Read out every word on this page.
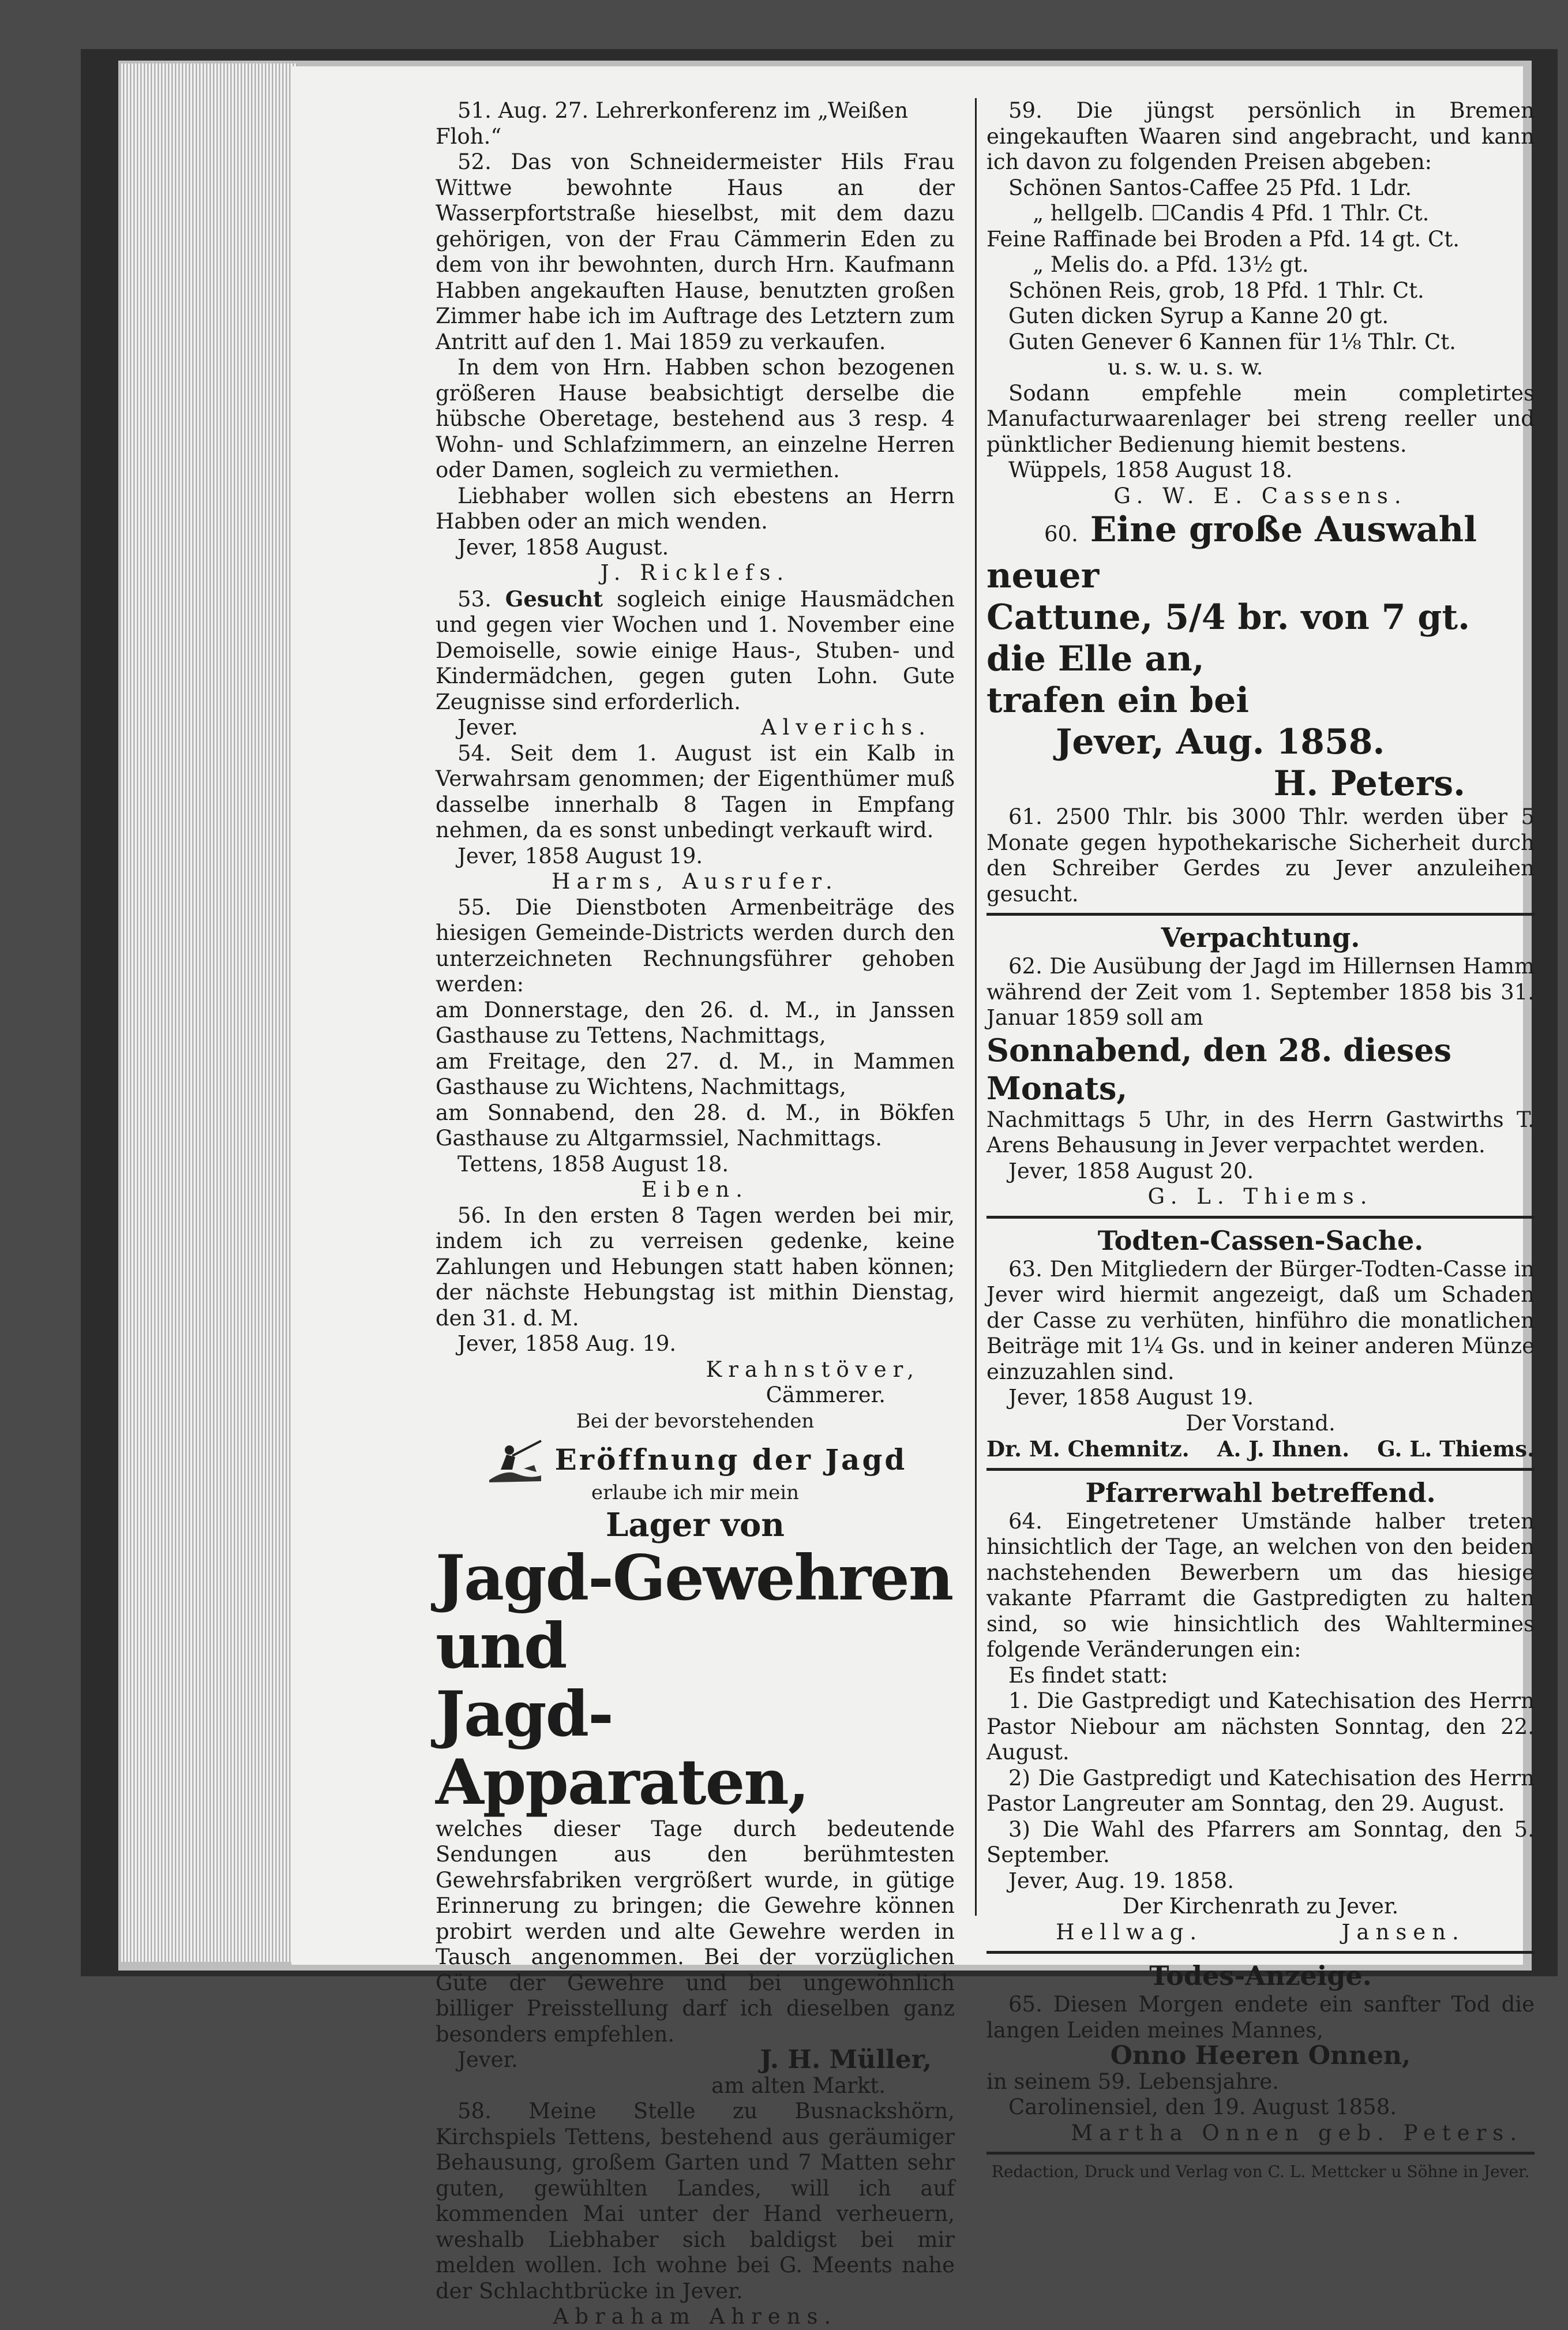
51. Aug. 27. Lehrerkonferenz im „Weißen Floh.“

52. Das von Schneidermeister Hils Frau Wittwe bewohnte Haus an der Wasserpfortstraße hieselbst, mit dem dazu gehörigen, von der Frau Cämmerin Eden zu dem von ihr bewohnten, durch Hrn. Kaufmann Habben angekauften Hause, benutzten großen Zimmer habe ich im Auftrage des Letztern zum Antritt auf den 1. Mai 1859 zu verkaufen.

In dem von Hrn. Habben schon bezogenen größeren Hause beabsichtigt derselbe die hübsche Oberetage, bestehend aus 3 resp. 4 Wohn- und Schlafzimmern, an einzelne Herren oder Damen, sogleich zu vermiethen.

Liebhaber wollen sich ebestens an Herrn Habben oder an mich wenden.

Jever, 1858 August.

J. Ricklefs.

53. Gesucht sogleich einige Hausmädchen und gegen vier Wochen und 1. November eine Demoiselle, sowie einige Haus-, Stuben- und Kindermädchen, gegen guten Lohn. Gute Zeugnisse sind erforderlich.

Jever.	Alverichs.

54. Seit dem 1. August ist ein Kalb in Verwahrsam genommen; der Eigenthümer muß dasselbe innerhalb 8 Tagen in Empfang nehmen, da es sonst unbedingt verkauft wird.

Jever, 1858 August 19.

Harms, Ausrufer.

55. Die Dienstboten Armenbeiträge des hiesigen Gemeinde-Districts werden durch den unterzeichneten Rechnungsführer gehoben werden:

am Donnerstage, den 26. d. M., in Janssen Gasthause zu Tettens, Nachmittags,

am Freitage, den 27. d. M., in Mammen Gasthause zu Wichtens, Nachmittags,

am Sonnabend, den 28. d. M., in Bökfen Gasthause zu Altgarmssiel, Nachmittags.

Tettens, 1858 August 18.

Eiben.

56. In den ersten 8 Tagen werden bei mir, indem ich zu verreisen gedenke, keine Zahlungen und Hebungen statt haben können; der nächste Hebungstag ist mithin Dienstag, den 31. d. M.

Jever, 1858 Aug. 19.

Krahnstöver,

Cämmerer.

Bei der bevorstehenden

Eröffnung der Jagd

erlaube ich mir mein

Lager von

Jagd-Gewehren und

Jagd-Apparaten,

welches dieser Tage durch bedeutende Sendungen aus den berühmtesten Gewehrsfabriken vergrößert wurde, in gütige Erinnerung zu bringen; die Gewehre können probirt werden und alte Gewehre werden in Tausch angenommen. Bei der vorzüglichen Güte der Gewehre und bei ungewöhnlich billiger Preisstellung darf ich dieselben ganz besonders empfehlen.

Jever.	J. H. Müller,

am alten Markt.

58. Meine Stelle zu Busnackshörn, Kirchspiels Tettens, bestehend aus geräumiger Behausung, großem Garten und 7 Matten sehr guten, gewühlten Landes, will ich auf kommenden Mai unter der Hand verheuern, weshalb Liebhaber sich baldigst bei mir melden wollen. Ich wohne bei G. Meents nahe der Schlachtbrücke in Jever.

Abraham Ahrens.

59. Die jüngst persönlich in Bremen eingekauften Waaren sind angebracht, und kann ich davon zu folgenden Preisen abgeben:

Schönen Santos-Caffee 25 Pfd. 1 Ldr.

„ hellgelb. ☐Candis 4 Pfd. 1 Thlr. Ct.

Feine Raffinade bei Broden a Pfd. 14 gt. Ct.

„ Melis do. a Pfd. 13½ gt.

Schönen Reis, grob, 18 Pfd. 1 Thlr. Ct.

Guten dicken Syrup a Kanne 20 gt.

Guten Genever 6 Kannen für 1⅛ Thlr. Ct.

u. s. w. u. s. w.

Sodann empfehle mein completirtes Manufacturwaarenlager bei streng reeller und pünktlicher Bedienung hiemit bestens.

Wüppels, 1858 August 18.

G. W. E. Cassens.

60. Eine große Auswahl neuer

Cattune, 5/4 br. von 7 gt. die Elle an,

trafen ein bei

Jever, Aug. 1858.

H. Peters.

61. 2500 Thlr. bis 3000 Thlr. werden über 5 Monate gegen hypothekarische Sicherheit durch den Schreiber Gerdes zu Jever anzuleihen gesucht.

Verpachtung.

62. Die Ausübung der Jagd im Hillernsen Hamm während der Zeit vom 1. September 1858 bis 31. Januar 1859 soll am

Sonnabend, den 28. dieses Monats,

Nachmittags 5 Uhr, in des Herrn Gastwirths T. Arens Behausung in Jever verpachtet werden.

Jever, 1858 August 20.

G. L. Thiems.

Todten-Cassen-Sache.

63. Den Mitgliedern der Bürger-Todten-Casse in Jever wird hiermit angezeigt, daß um Schaden der Casse zu verhüten, hinführo die monatlichen Beiträge mit 1¼ Gs. und in keiner anderen Münze einzuzahlen sind.

Jever, 1858 August 19.

Der Vorstand.

Dr. M. Chemnitz. A. J. Ihnen. G. L. Thiems.

Pfarrerwahl betreffend.

64. Eingetretener Umstände halber treten hinsichtlich der Tage, an welchen von den beiden nachstehenden Bewerbern um das hiesige vakante Pfarramt die Gastpredigten zu halten sind, so wie hinsichtlich des Wahltermines folgende Veränderungen ein:

Es findet statt:

1. Die Gastpredigt und Katechisation des Herrn Pastor Niebour am nächsten Sonntag, den 22. August.

2) Die Gastpredigt und Katechisation des Herrn Pastor Langreuter am Sonntag, den 29. August.

3) Die Wahl des Pfarrers am Sonntag, den 5. September.

Jever, Aug. 19. 1858.

Der Kirchenrath zu Jever.

Hellwag.	Jansen.

Todes-Anzeige.

65. Diesen Morgen endete ein sanfter Tod die langen Leiden meines Mannes,

Onno Heeren Onnen,

in seinem 59. Lebensjahre.

Carolinensiel, den 19. August 1858.

Martha Onnen geb. Peters.

Redaction, Druck und Verlag von C. L. Mettcker u Söhne in Jever.
